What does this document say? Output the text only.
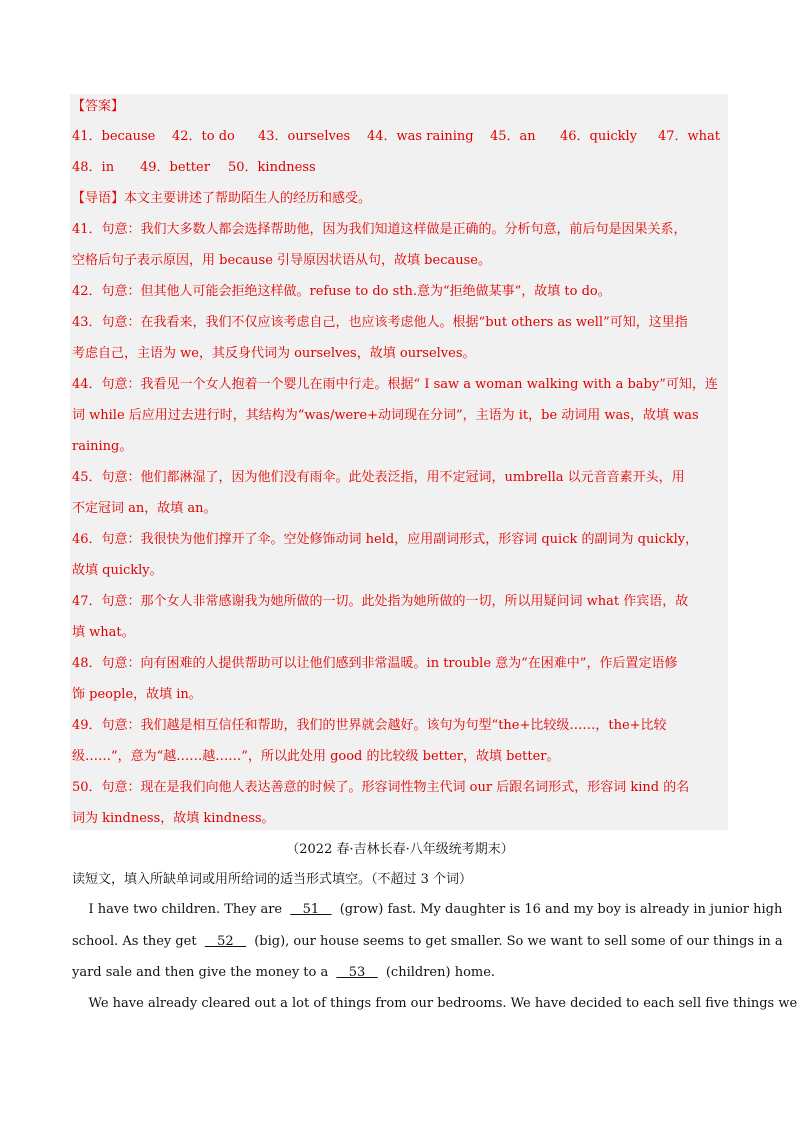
【答案】
41．because 42．to do 43．ourselves 44．was raining 45．an 46．quickly 47．what
48．in 49．better 50．kindness
【导语】本文主要讲述了帮助陌生人的经历和感受。
41．句意：我们大多数人都会选择帮助他，因为我们知道这样做是正确的。分析句意，前后句是因果关系，
空格后句子表示原因，用 because 引导原因状语从句，故填 because。
42．句意：但其他人可能会拒绝这样做。refuse to do sth.意为“拒绝做某事”，故填 to do。
43．句意：在我看来，我们不仅应该考虑自己，也应该考虑他人。根据“but others as well”可知，这里指
考虑自己，主语为 we，其反身代词为 ourselves，故填 ourselves。
44．句意：我看见一个女人抱着一个婴儿在雨中行走。根据“ I saw a woman walking with a baby”可知，连
词 while 后应用过去进行时，其结构为“was/were+动词现在分词”，主语为 it，be 动词用 was，故填 was
raining。
45．句意：他们都淋湿了，因为他们没有雨伞。此处表泛指，用不定冠词，umbrella 以元音音素开头，用
不定冠词 an，故填 an。
46．句意：我很快为他们撑开了伞。空处修饰动词 held，应用副词形式，形容词 quick 的副词为 quickly，
故填 quickly。
47．句意：那个女人非常感谢我为她所做的一切。此处指为她所做的一切，所以用疑问词 what 作宾语，故
填 what。
48．句意：向有困难的人提供帮助可以让他们感到非常温暖。in trouble 意为“在困难中”，作后置定语修
饰 people，故填 in。
49．句意：我们越是相互信任和帮助，我们的世界就会越好。该句为句型“the+比较级……，the+比较
级……”，意为“越……越……”，所以此处用 good 的比较级 better，故填 better。
50．句意：现在是我们向他人表达善意的时候了。形容词性物主代词 our 后跟名词形式，形容词 kind 的名
词为 kindness，故填 kindness。
（2022 春·吉林长春·八年级统考期末）
读短文，填入所缺单词或用所给词的适当形式填空。（不超过 3 个词）
I have two children. They are    51    (grow) fast. My daughter is 16 and my boy is already in junior high
school. As they get    52    (big), our house seems to get smaller. So we want to sell some of our things in a
yard sale and then give the money to a    53    (children) home.
We have already cleared out a lot of things from our bedrooms. We have decided to each sell five things we
